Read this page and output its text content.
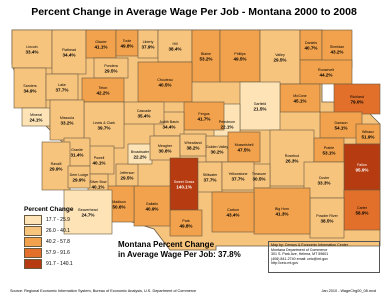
Percent Change in Average Wage Per Job - Montana 2000 to 2008
Lincoln
33.4%	Flathead
34.4%
Glacier
41.1%
Toole
49.8%
Liberty
37.9%
Hill
38.4%
Blaine
53.2%
Phillips
49.5%
Valley
29.5%
Daniels
40.7%	Sheridan
43.2%
Roosevelt
44.2%
Richland
79.0%
Pondera
29.5%
Teton
42.2%
Chouteau
40.5%
Sanders
34.9%
Lake
37.7%
Mineral
24.1%
McCone
45.1%
Dawson
54.1%
Garfield
21.5%
Petroleum
22.1%
Fergus
41.7%
Judith Basin
34.4%
Cascade
35.4%
Lewis & Clark
39.7%
Missoula
33.2%
Powell
40.1%
Granite
31.4%
Ravalli
29.9%
Jefferson
29.5%
Broadwater
22.2%
Meagher
30.6%
Wheatland
38.2% Golden Valley
30.2%
Musselshell
47.5%
Rosebud
26.3%
Prairie
53.1%
Wibaux
51.9%
Fallon
95.9%
Custer
33.3%
Carter
58.9%
Powder River
38.5%
Treasure
30.5%
Sweet Grass
140.1%
Stillwater
37.7%
Yellowstone
37.7%
Big Horn
41.3%
Carbon
43.4%
Park
49.8%
Gallatin
40.9%
Madison
50.6%
Silver Bow
40.1%
Deer Lodge
29.9%
Beaverhead
24.7%
Percent Change
17.7 - 25.9
26.0 - 40.1
40.2 - 57.8
57.9 - 91.6
91.7 - 140.1
Montana Percent Change
in Average Wage Per Job: 37.8%
Map by: Census & Economic Information Center
Montana Department of Commerce
301 S. Park Ave, Helena, MT 59601
(406) 841-2740 email: ceic@mt.gov
http://ceic.mt.gov
Source: Regional Economic Information System, Bureau of Economic Analysis, U.S. Department of Commerce	Jan 2010 - WageChg00_08.mxd
